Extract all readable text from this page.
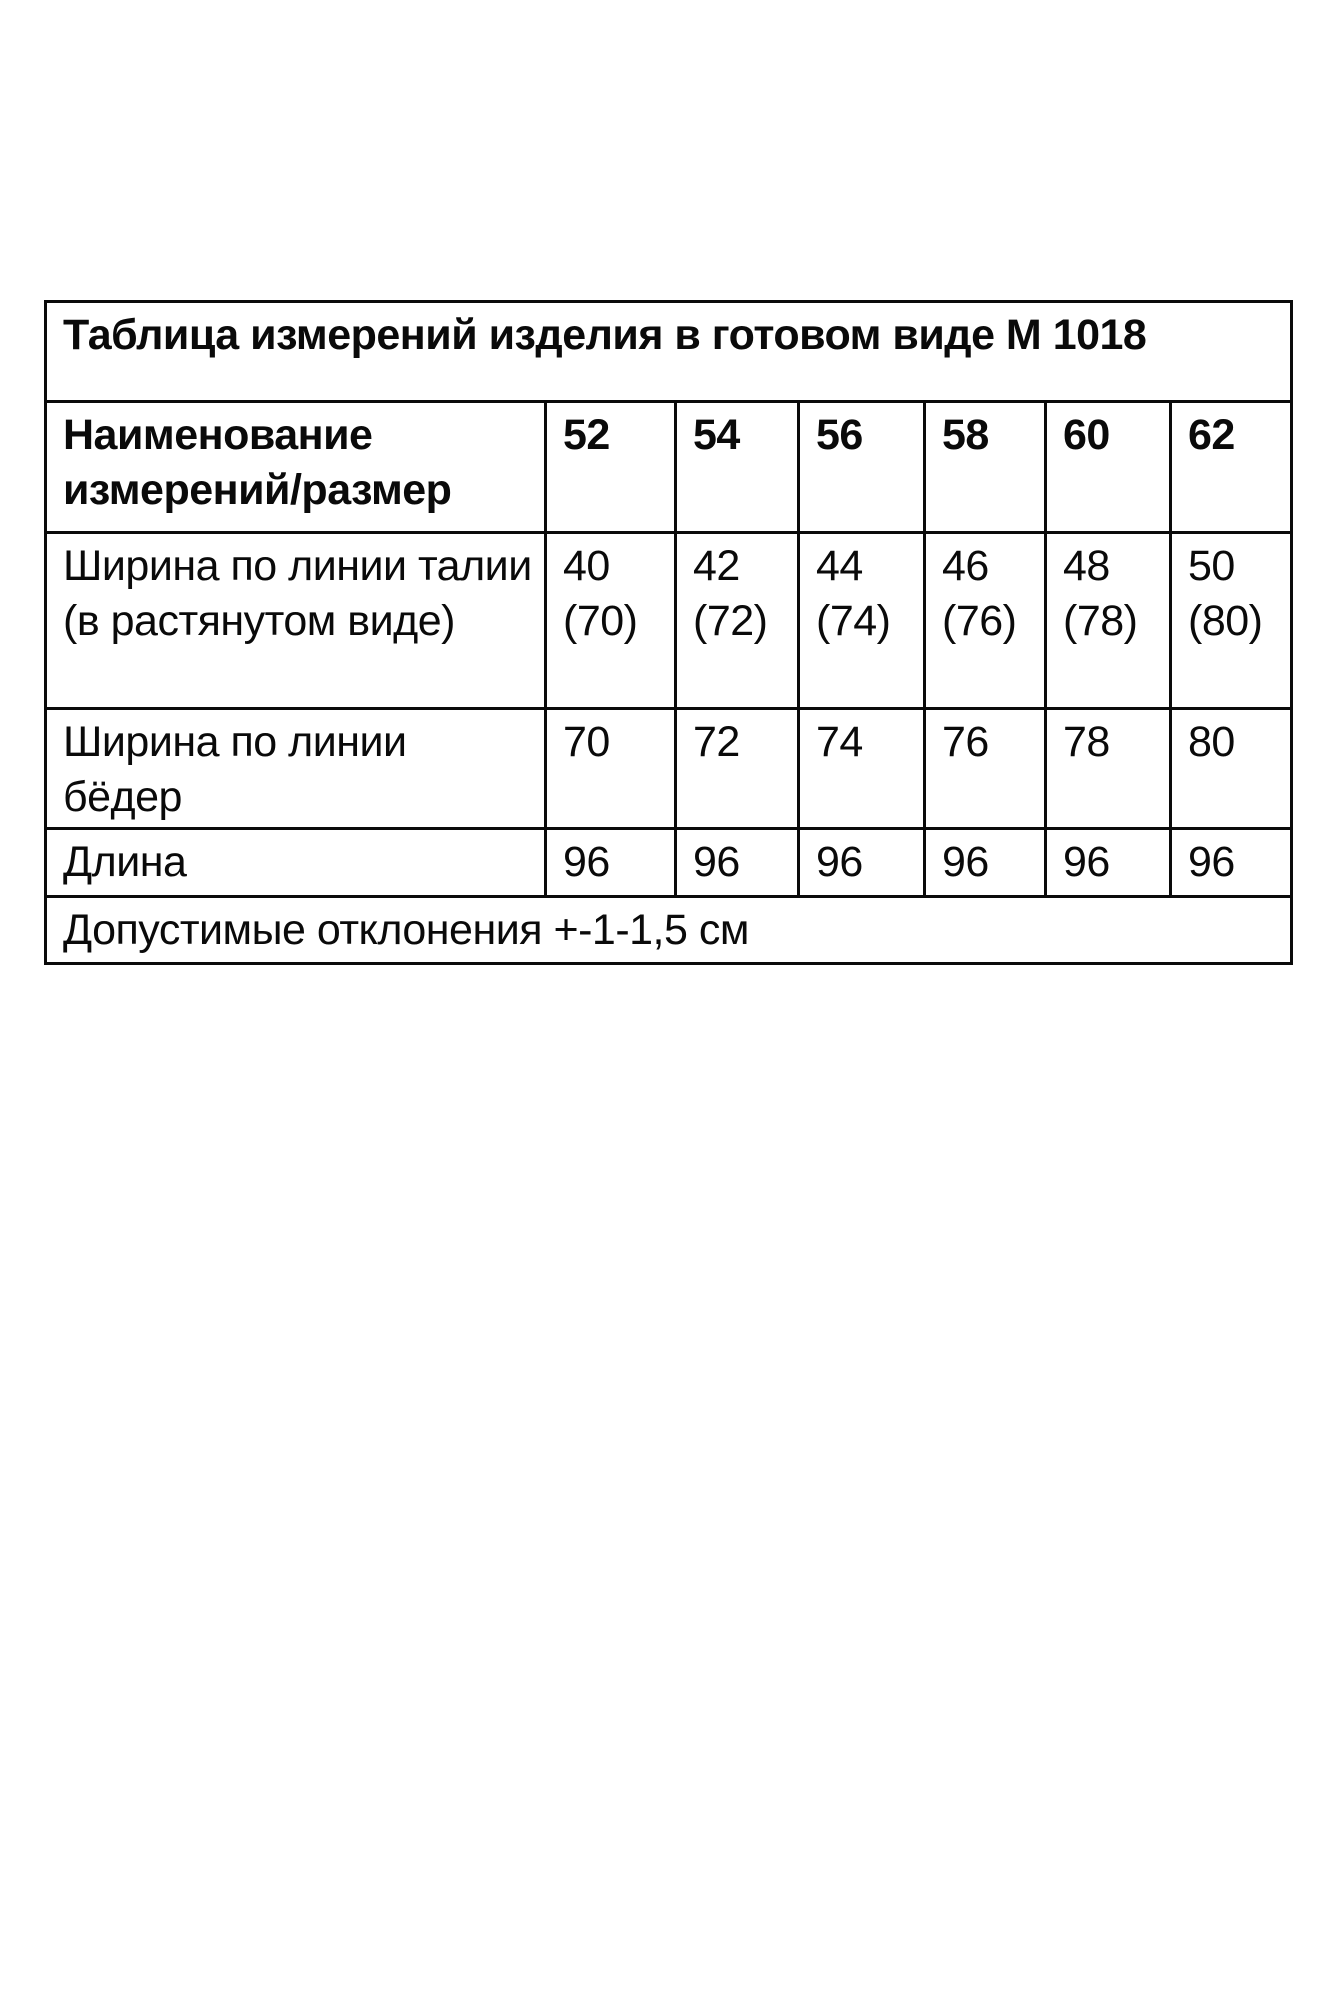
Таблица измерений изделия в готовом виде М 1018						
Наименование измерений/размер	52	54	56	58	60	62
Ширина по линии талии (в растянутом виде)	40 (70)	42 (72)	44 (74)	46 (76)	48 (78)	50 (80)
Ширина по линии бёдер	70	72	74	76	78	80
Длина	96	96	96	96	96	96
Допустимые отклонения +-1-1,5 см						
